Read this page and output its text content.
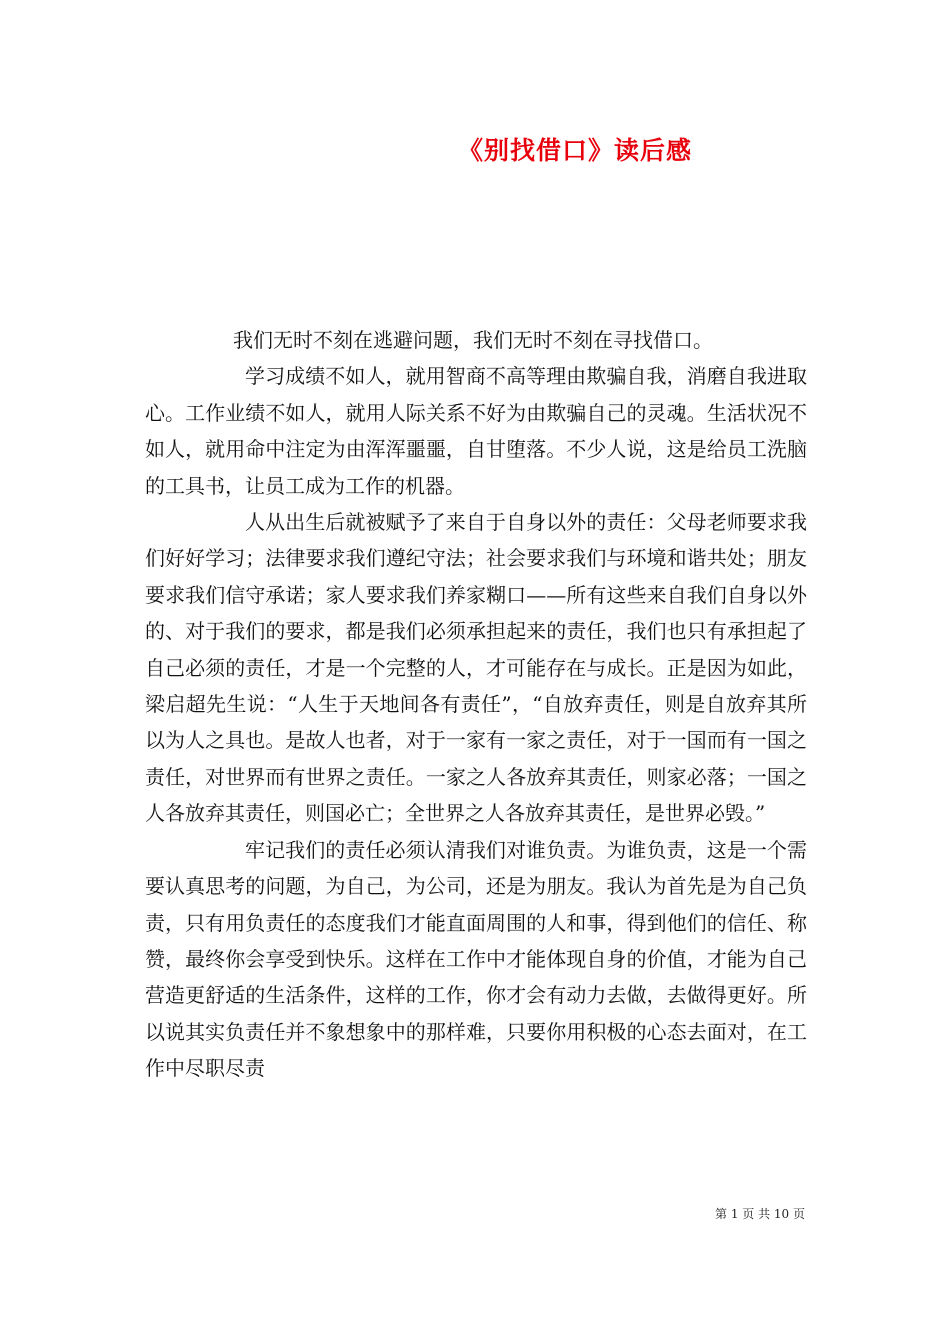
《别找借口》读后感

我们无时不刻在逃避问题，我们无时不刻在寻找借口。

学习成绩不如人，就用智商不高等理由欺骗自我，消磨自我进取心。工作业绩不如人，就用人际关系不好为由欺骗自己的灵魂。生活状况不如人，就用命中注定为由浑浑噩噩，自甘堕落。不少人说，这是给员工洗脑的工具书，让员工成为工作的机器。

人从出生后就被赋予了来自于自身以外的责任：父母老师要求我们好好学习；法律要求我们遵纪守法；社会要求我们与环境和谐共处；朋友要求我们信守承诺；家人要求我们养家糊口——所有这些来自我们自身以外的、对于我们的要求，都是我们必须承担起来的责任，我们也只有承担起了自己必须的责任，才是一个完整的人，才可能存在与成长。正是因为如此，梁启超先生说：“人生于天地间各有责任”，“自放弃责任，则是自放弃其所以为人之具也。是故人也者，对于一家有一家之责任，对于一国而有一国之责任，对世界而有世界之责任。一家之人各放弃其责任，则家必落；一国之人各放弃其责任，则国必亡；全世界之人各放弃其责任，是世界必毁。”

牢记我们的责任必须认清我们对谁负责。为谁负责，这是一个需要认真思考的问题，为自己，为公司，还是为朋友。我认为首先是为自己负责，只有用负责任的态度我们才能直面周围的人和事，得到他们的信任、称赞，最终你会享受到快乐。这样在工作中才能体现自身的价值，才能为自己营造更舒适的生活条件，这样的工作，你才会有动力去做，去做得更好。所以说其实负责任并不象想象中的那样难，只要你用积极的心态去面对，在工作中尽职尽责

第 1 页 共 10 页
